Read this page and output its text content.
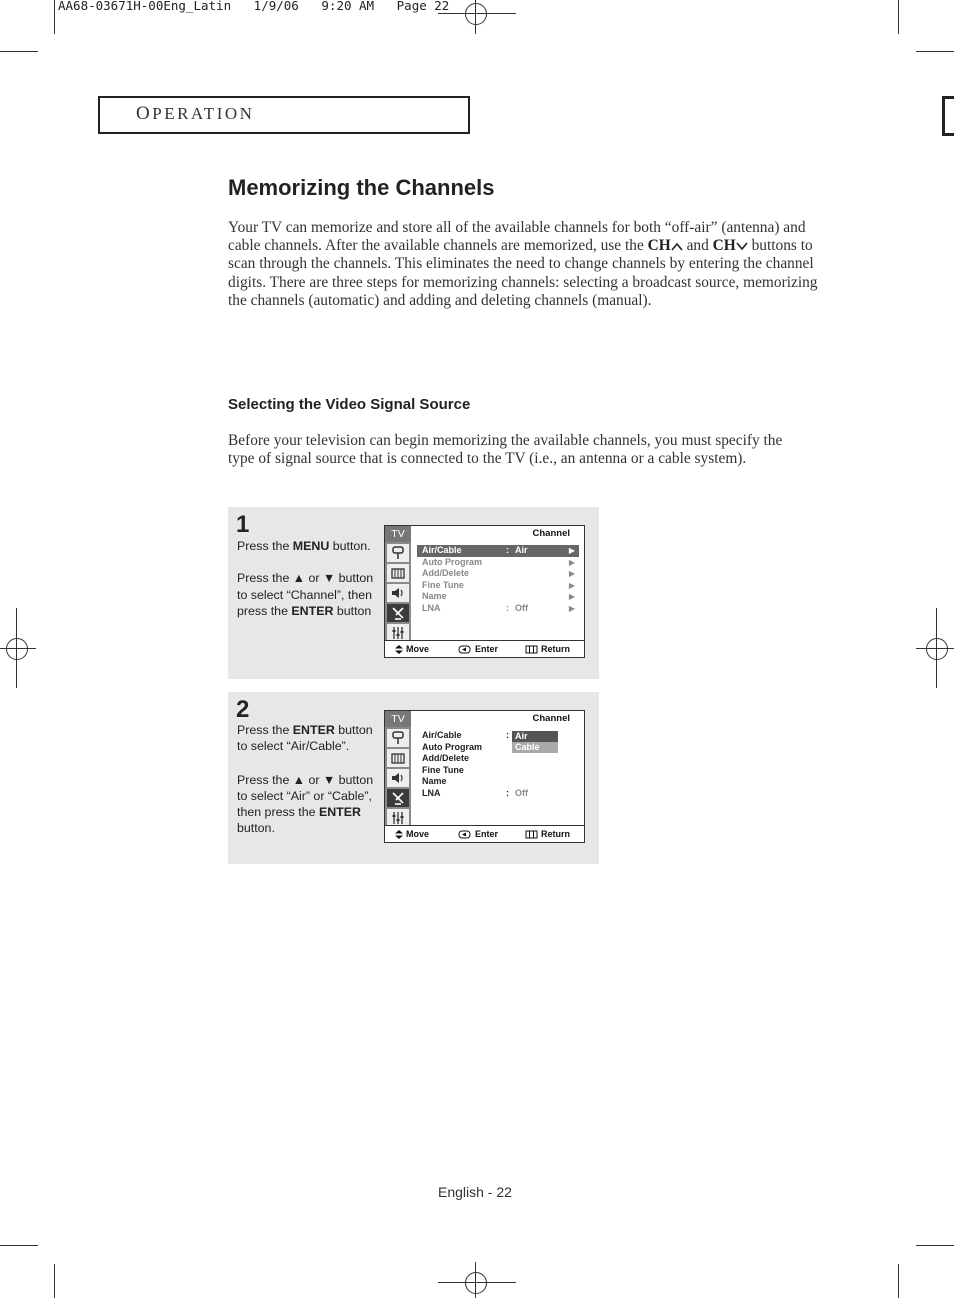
AA68-03671H-00Eng_Latin   1/9/06   9:20 AM   Page 22
OPERATION
Memorizing the Channels
Your TV can memorize and store all of the available channels for both “off-air” (antenna) and cable channels. After the available channels are memorized, use the CH and CH buttons to scan through the channels. This eliminates the need to change channels by entering the channel digits. There are three steps for memorizing channels: selecting a broadcast source, memorizing the channels (automatic) and adding and deleting channels (manual).
Selecting the Video Signal Source
Before your television can begin memorizing the available channels, you must specify the type of signal source that is connected to the TV (i.e., an antenna or a cable system).
1
Press the MENU button.
Press the ▲ or ▼ button to select “Channel”, then press the ENTER button
TV	Channel
Air/Cable	: Air	▶
Auto Program	▶
Add/Delete	▶
Fine Tune	▶
Name	▶
LNA	: Off	▶
Move	Enter	Return
2
Press the ENTER button to select “Air/Cable”.
Press the ▲ or ▼ button to select “Air” or “Cable”, then press the ENTER button.
TV	Channel
Air/Cable	: Air
Cable
Auto Program
Add/Delete
Fine Tune
Name
LNA	: Off
Move	Enter	Return
English - 22
